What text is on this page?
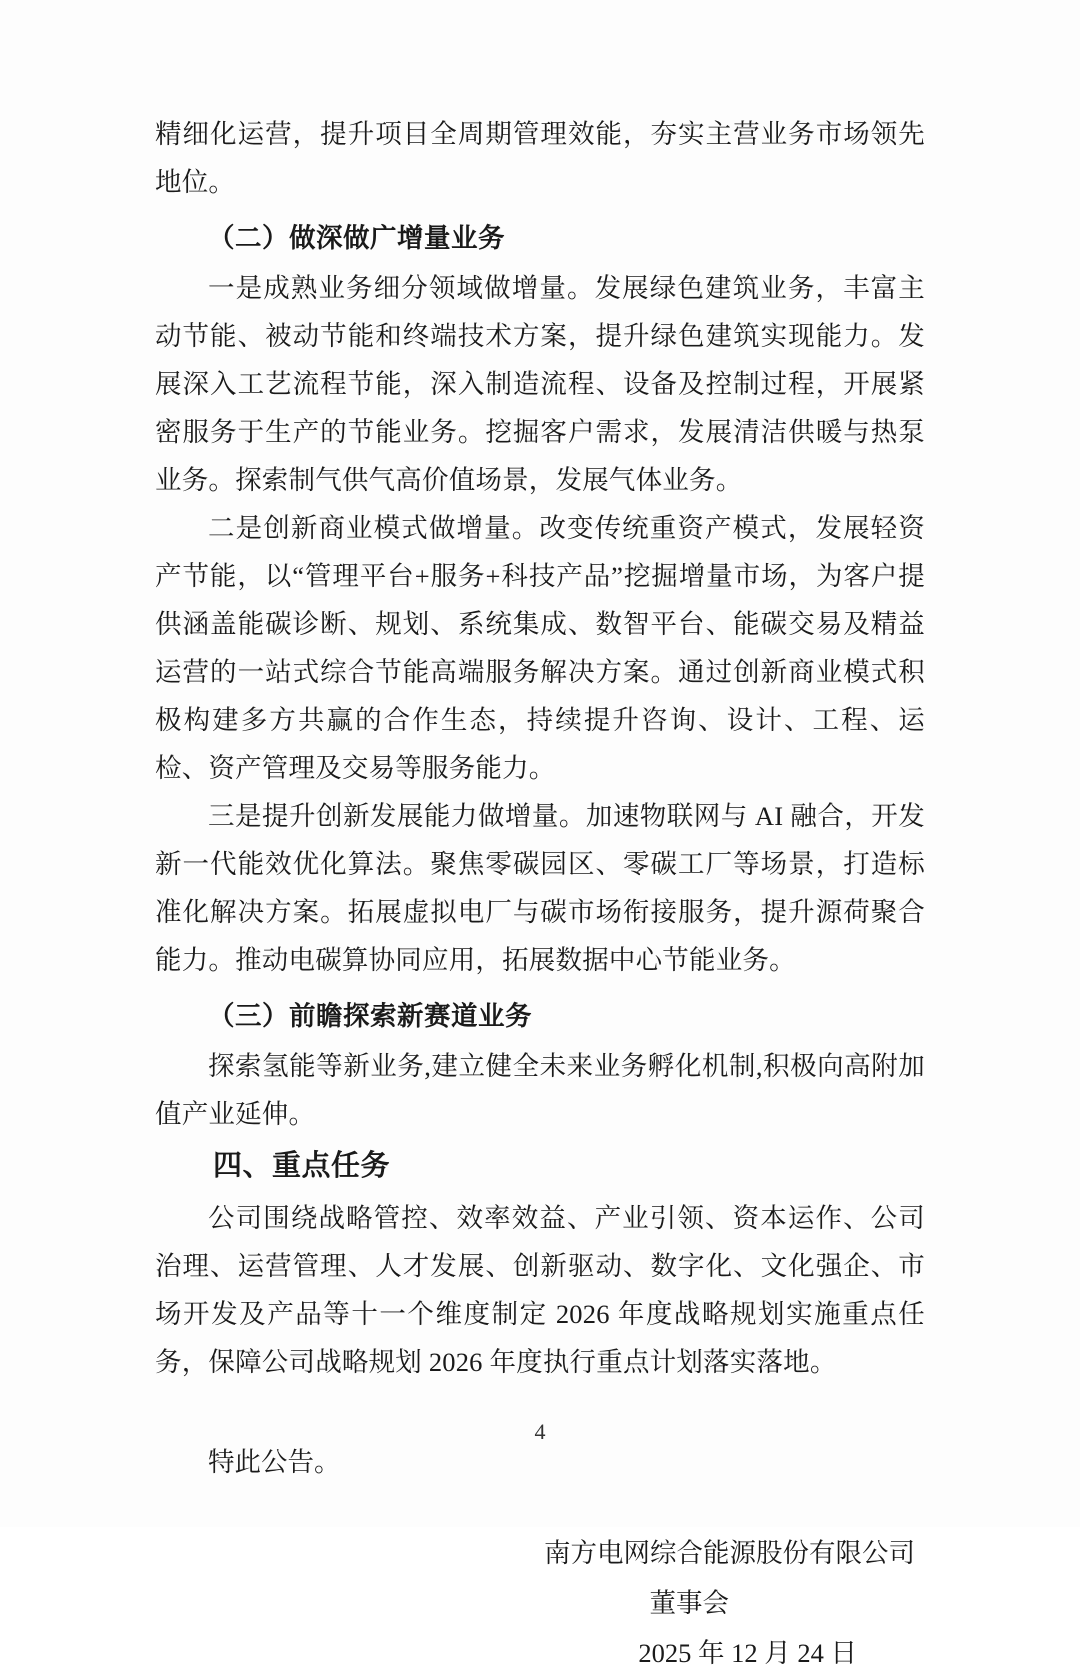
精细化运营，提升项目全周期管理效能，夯实主营业务市场领先地位。

（二）做深做广增量业务

一是成熟业务细分领域做增量。发展绿色建筑业务，丰富主动节能、被动节能和终端技术方案，提升绿色建筑实现能力。发展深入工艺流程节能，深入制造流程、设备及控制过程，开展紧密服务于生产的节能业务。挖掘客户需求，发展清洁供暖与热泵业务。探索制气供气高价值场景，发展气体业务。

二是创新商业模式做增量。改变传统重资产模式，发展轻资产节能，以“管理平台+服务+科技产品”挖掘增量市场，为客户提供涵盖能碳诊断、规划、系统集成、数智平台、能碳交易及精益运营的一站式综合节能高端服务解决方案。通过创新商业模式积极构建多方共赢的合作生态，持续提升咨询、设计、工程、运检、资产管理及交易等服务能力。

三是提升创新发展能力做增量。加速物联网与 AI 融合，开发新一代能效优化算法。聚焦零碳园区、零碳工厂等场景，打造标准化解决方案。拓展虚拟电厂与碳市场衔接服务，提升源荷聚合能力。推动电碳算协同应用，拓展数据中心节能业务。

（三）前瞻探索新赛道业务

探索氢能等新业务,建立健全未来业务孵化机制,积极向高附加值产业延伸。

四、重点任务

公司围绕战略管控、效率效益、产业引领、资本运作、公司治理、运营管理、人才发展、创新驱动、数字化、文化强企、市场开发及产品等十一个维度制定 2026 年度战略规划实施重点任务，保障公司战略规划 2026 年度执行重点计划落实落地。

特此公告。

南方电网综合能源股份有限公司

董事会

2025 年 12 月 24 日

4
